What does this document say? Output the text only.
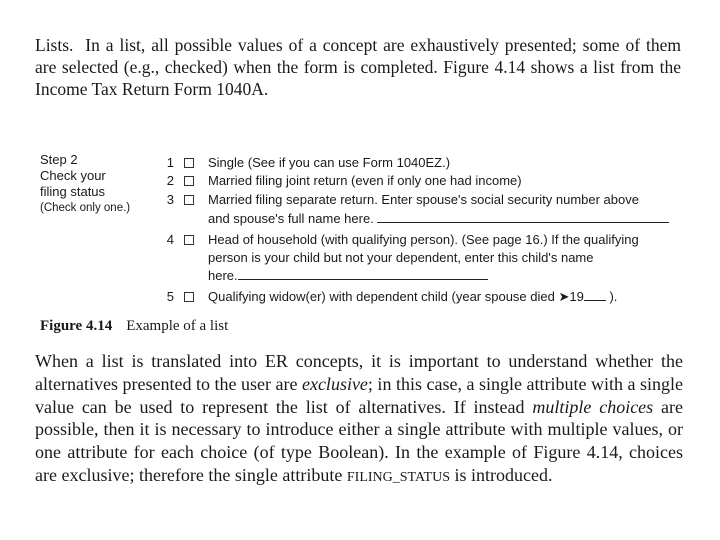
Lists. In a list, all possible values of a concept are exhaustively presented; some of them are selected (e.g., checked) when the form is completed. Figure 4.14 shows a list from the Income Tax Return Form 1040A.

Step 2
Check your
filing status
(Check only one.)
1	Single (See if you can use Form 1040EZ.)
2	Married filing joint return (even if only one had income)
3	Married filing separate return. Enter spouse's social security number above
and spouse's full name here.
4	Head of household (with qualifying person). (See page 16.) If the qualifying
person is your child but not your dependent, enter this child's name
here.
5	Qualifying widow(er) with dependent child (year spouse died ➤19 ).
Figure 4.14 Example of a list

When a list is translated into ER concepts, it is important to understand whether the alternatives presented to the user are exclusive; in this case, a single attribute with a single value can be used to represent the list of alternatives. If instead multiple choices are possible, then it is necessary to introduce either a single attribute with multiple values, or one attribute for each choice (of type Boolean). In the example of Figure 4.14, choices are exclusive; therefore the single attribute FILING_STATUS is introduced.
